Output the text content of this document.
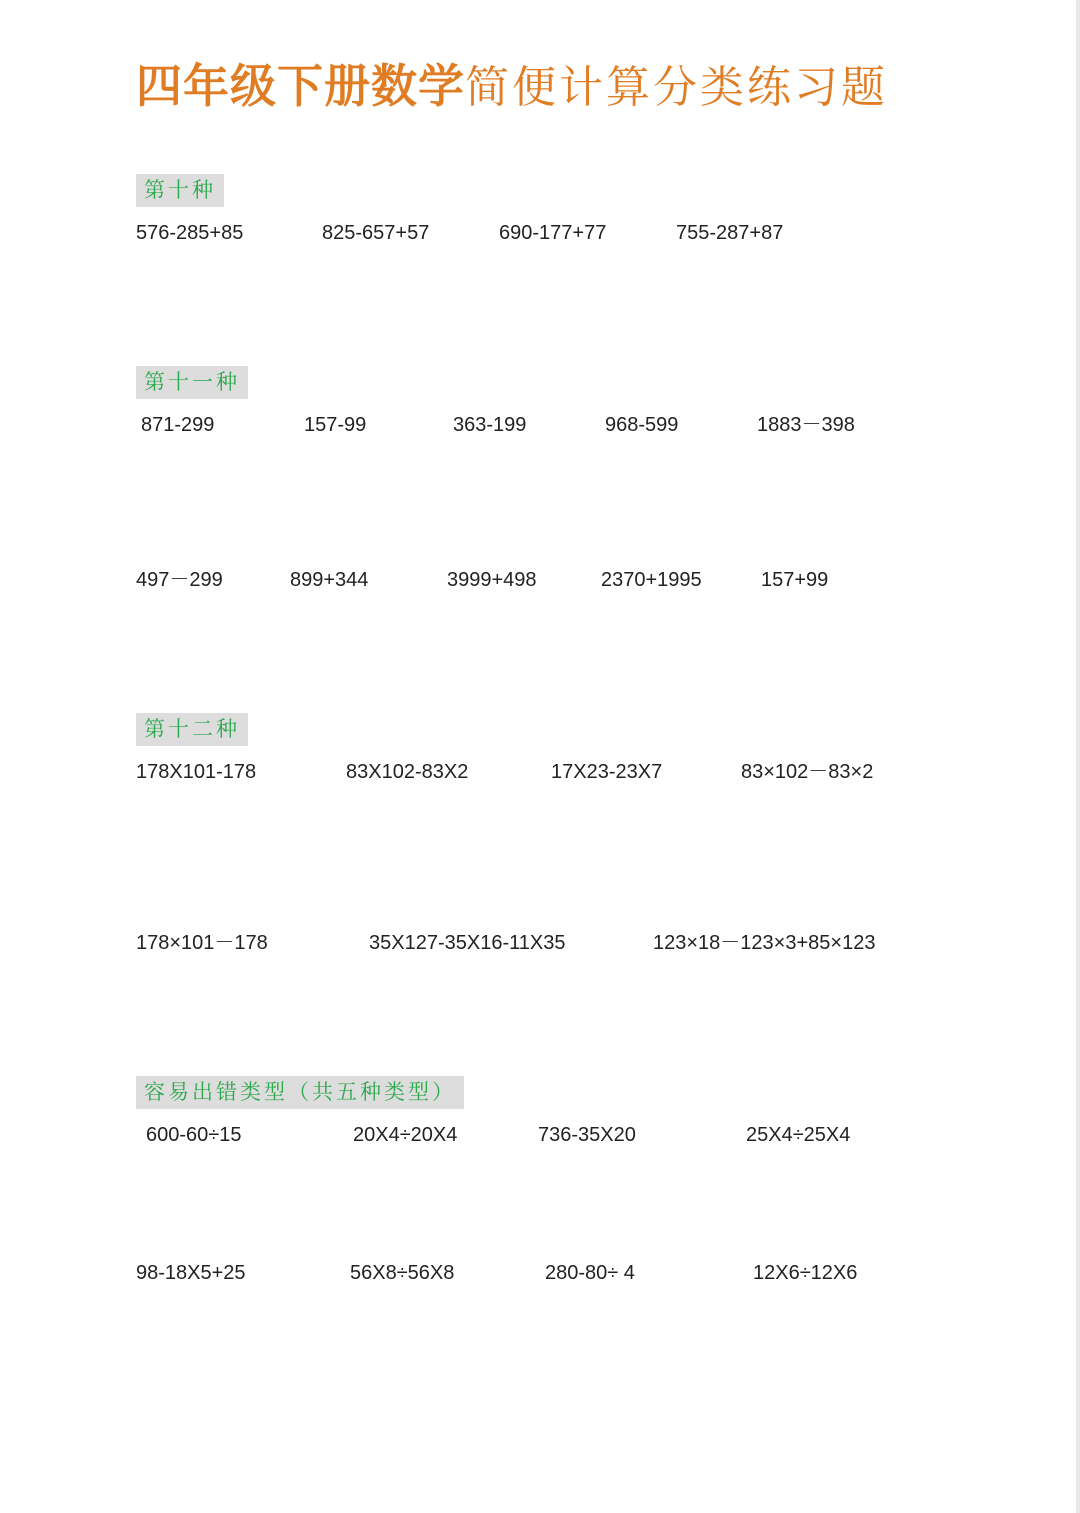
四年级下册数学简便计算分类练习题
第十种
576-285+85	825-657+57	690-177+77	755-287+87
第十一种
871-299	157-99	363-199	968-599	1883－398
497－299	899+344	3999+498	2370+1995	157+99
第十二种
178X101-178	83X102-83X2	17X23-23X7	83×102－83×2
178×101－178	35X127-35X16-11X35	123×18－123×3+85×123
容易出错类型（共五种类型）
600-60÷15	20X4÷20X4	736-35X20	25X4÷25X4
98-18X5+25	56X8÷56X8	280-80÷ 4	12X6÷12X6
